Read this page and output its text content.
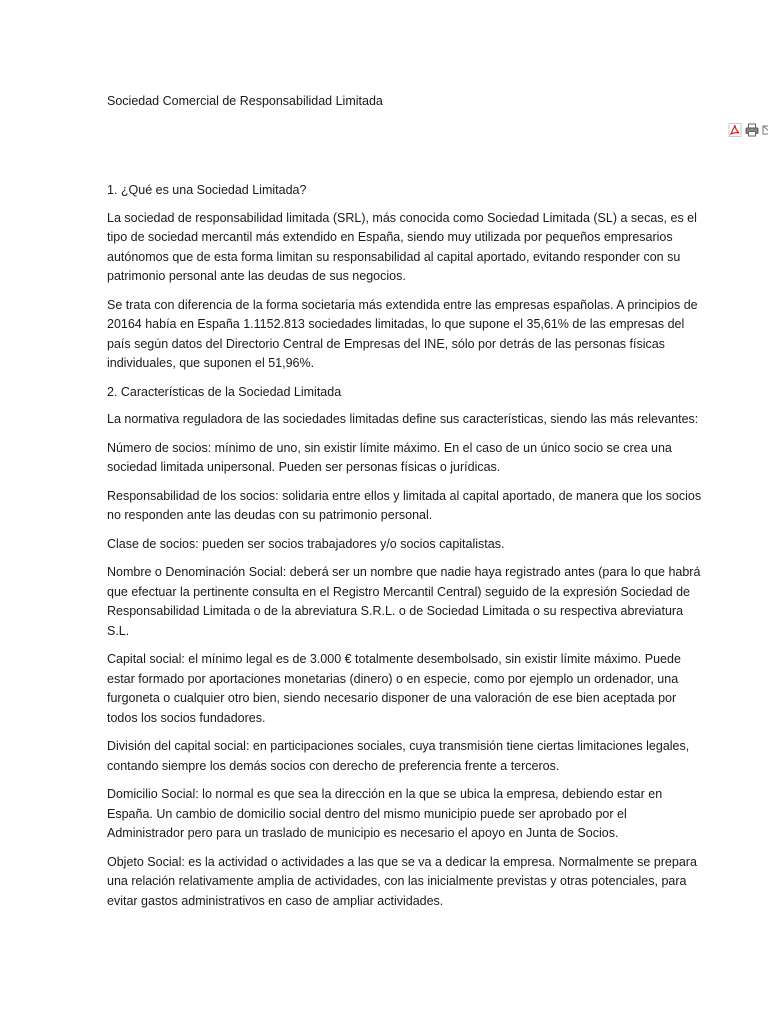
Sociedad Comercial de Responsabilidad Limitada

1. ¿Qué es una Sociedad Limitada?

La sociedad de responsabilidad limitada (SRL), más conocida como Sociedad Limitada (SL) a secas, es el tipo de sociedad mercantil más extendido en España, siendo muy utilizada por pequeños empresarios autónomos que de esta forma limitan su responsabilidad al capital aportado, evitando responder con su patrimonio personal ante las deudas de sus negocios.

Se trata con diferencia de la forma societaria más extendida entre las empresas españolas. A principios de 20164 había en España 1.1152.813 sociedades limitadas, lo que supone el 35,61% de las empresas del país según datos del Directorio Central de Empresas del INE, sólo por detrás de las personas físicas individuales, que suponen el 51,96%.

2. Características de la Sociedad Limitada

La normativa reguladora de las sociedades limitadas define sus características, siendo las más relevantes:

Número de socios: mínimo de uno, sin existir límite máximo. En el caso de un único socio se crea una sociedad limitada unipersonal. Pueden ser personas físicas o jurídicas.

Responsabilidad de los socios: solidaria entre ellos y limitada al capital aportado, de manera que los socios no responden ante las deudas con su patrimonio personal.

Clase de socios: pueden ser socios trabajadores y/o socios capitalistas.

Nombre o Denominación Social: deberá ser un nombre que nadie haya registrado antes (para lo que habrá que efectuar la pertinente consulta en el Registro Mercantil Central) seguido de la expresión Sociedad de Responsabilidad Limitada o de la abreviatura S.R.L. o de Sociedad Limitada o su respectiva abreviatura S.L.

Capital social: el mínimo legal es de 3.000 € totalmente desembolsado, sin existir límite máximo. Puede estar formado por aportaciones monetarias (dinero) o en especie, como por ejemplo un ordenador, una furgoneta o cualquier otro bien, siendo necesario disponer de una valoración de ese bien aceptada por todos los socios fundadores.

División del capital social: en participaciones sociales, cuya transmisión tiene ciertas limitaciones legales, contando siempre los demás socios con derecho de preferencia frente a terceros.

Domicilio Social: lo normal es que sea la dirección en la que se ubica la empresa, debiendo estar en España. Un cambio de domicilio social dentro del mismo municipio puede ser aprobado por el Administrador pero para un traslado de municipio es necesario el apoyo en Junta de Socios.

Objeto Social: es la actividad o actividades a las que se va a dedicar la empresa. Normalmente se prepara una relación relativamente amplia de actividades, con las inicialmente previstas y otras potenciales, para evitar gastos administrativos en caso de ampliar actividades.
